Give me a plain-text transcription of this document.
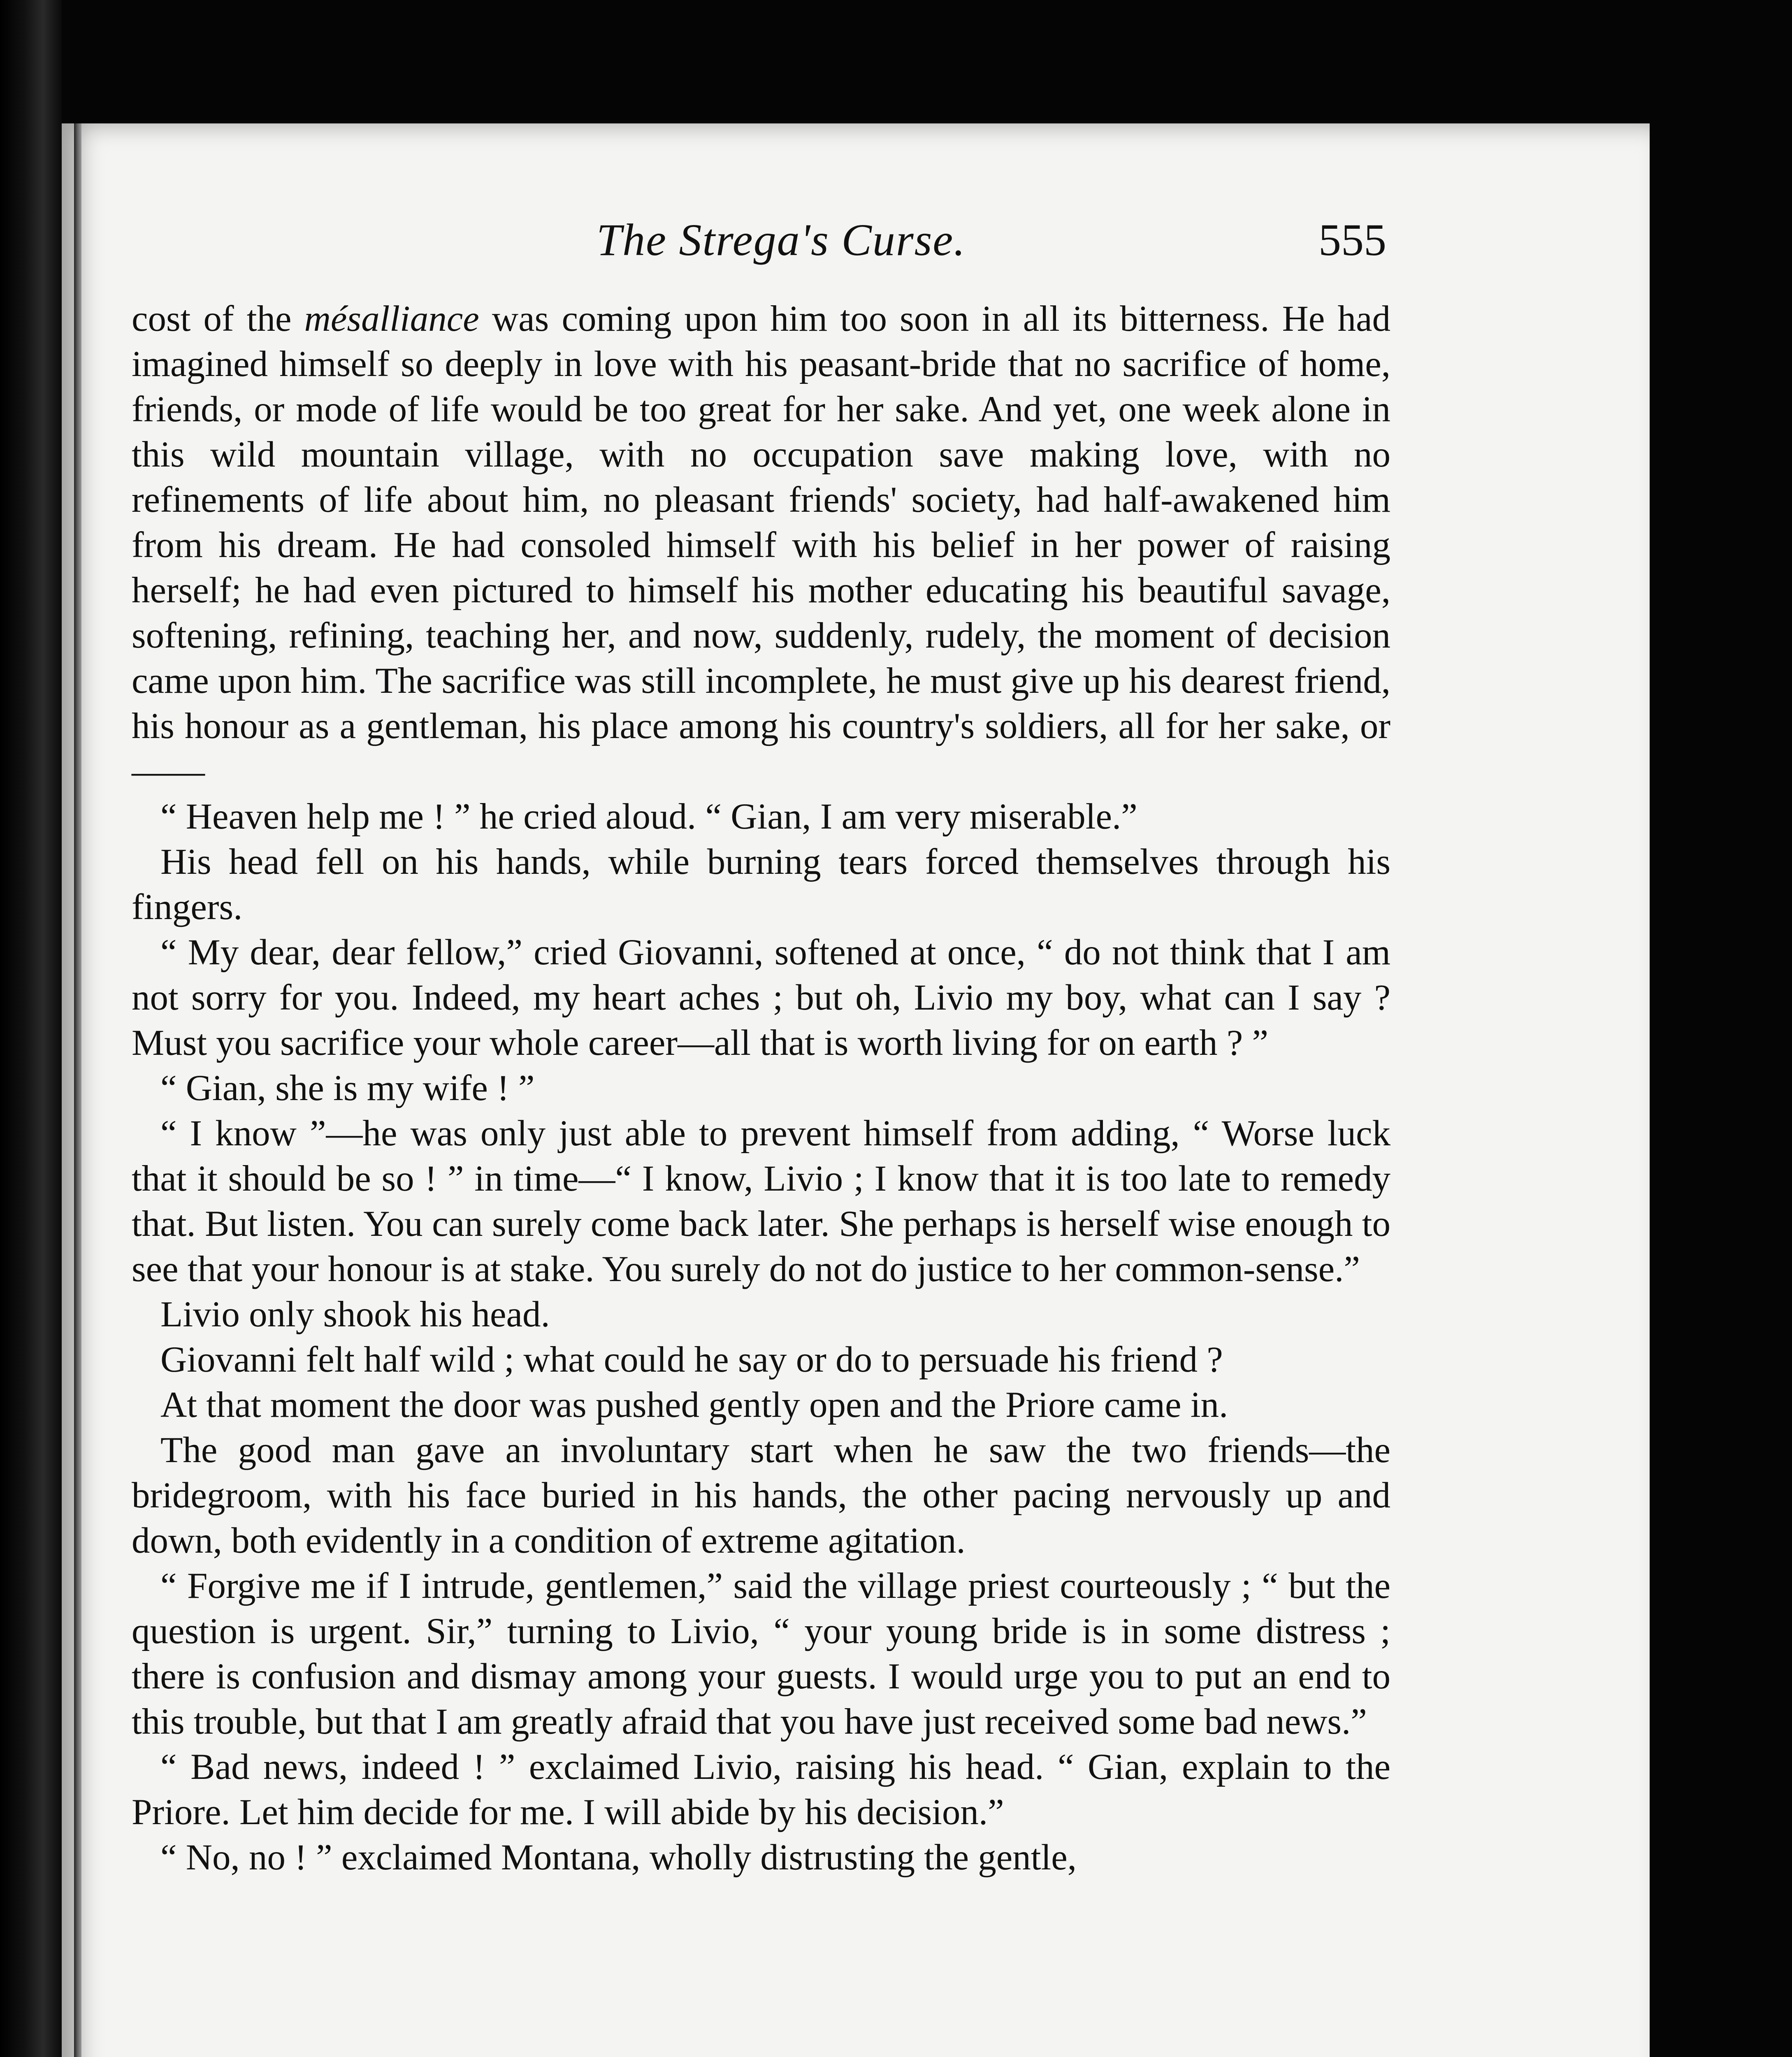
The Strega's Curse.	555

cost of the mésalliance was coming upon him too soon in all its bitterness. He had imagined himself so deeply in love with his peasant-bride that no sacrifice of home, friends, or mode of life would be too great for her sake. And yet, one week alone in this wild mountain village, with no occupation save making love, with no refinements of life about him, no pleasant friends' society, had half-awakened him from his dream. He had consoled himself with his belief in her power of raising herself; he had even pictured to himself his mother educating his beautiful savage, softening, refining, teaching her, and now, suddenly, rudely, the moment of decision came upon him. The sacrifice was still incomplete, he must give up his dearest friend, his honour as a gentleman, his place among his country's soldiers, all for her sake, or——

“ Heaven help me ! ” he cried aloud. “ Gian, I am very miserable.”

His head fell on his hands, while burning tears forced themselves through his fingers.

“ My dear, dear fellow,” cried Giovanni, softened at once, “ do not think that I am not sorry for you. Indeed, my heart aches ; but oh, Livio my boy, what can I say ? Must you sacrifice your whole career—all that is worth living for on earth ? ”

“ Gian, she is my wife ! ”

“ I know ”—he was only just able to prevent himself from adding, “ Worse luck that it should be so ! ” in time—“ I know, Livio ; I know that it is too late to remedy that. But listen. You can surely come back later. She perhaps is herself wise enough to see that your honour is at stake. You surely do not do justice to her common-sense.”

Livio only shook his head.

Giovanni felt half wild ; what could he say or do to persuade his friend ?

At that moment the door was pushed gently open and the Priore came in.

The good man gave an involuntary start when he saw the two friends—the bridegroom, with his face buried in his hands, the other pacing nervously up and down, both evidently in a condition of extreme agitation.

“ Forgive me if I intrude, gentlemen,” said the village priest courteously ; “ but the question is urgent. Sir,” turning to Livio, “ your young bride is in some distress ; there is confusion and dismay among your guests. I would urge you to put an end to this trouble, but that I am greatly afraid that you have just received some bad news.”

“ Bad news, indeed ! ” exclaimed Livio, raising his head. “ Gian, explain to the Priore. Let him decide for me. I will abide by his decision.”

“ No, no ! ” exclaimed Montana, wholly distrusting the gentle,
